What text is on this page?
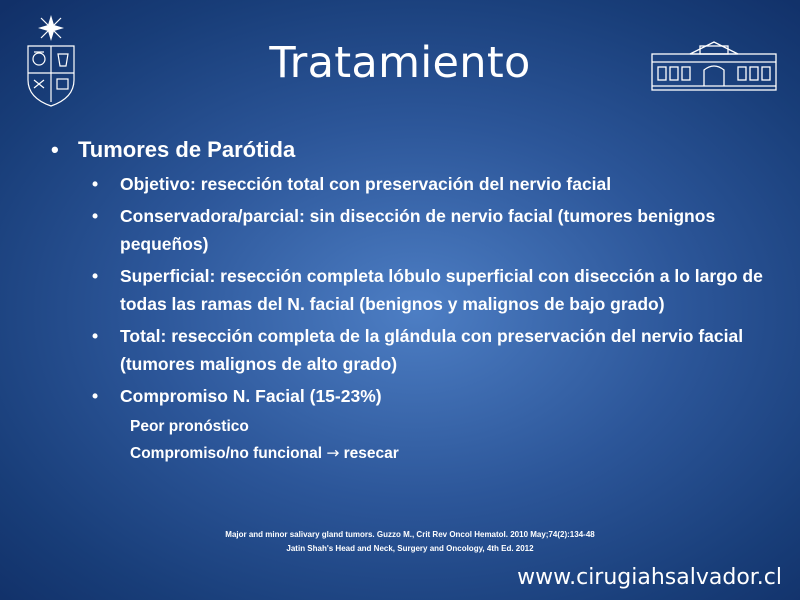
Tratamiento
• Tumores de Parótida
• Objetivo: resección total con preservación del nervio facial
• Conservadora/parcial: sin disección de nervio facial (tumores benignos pequeños)
• Superficial: resección completa lóbulo superficial con disección a lo largo de todas las ramas del N. facial (benignos y malignos de bajo grado)
• Total: resección completa de la glándula con preservación del nervio facial (tumores malignos de alto grado)
• Compromiso N. Facial (15-23%)
Peor pronóstico
Compromiso/no funcional → resecar
Major and minor salivary gland tumors. Guzzo M., Crit Rev Oncol Hematol. 2010 May;74(2):134-48
Jatin Shah's Head and Neck, Surgery and Oncology, 4th Ed. 2012
www.cirugiahsalvador.cl
